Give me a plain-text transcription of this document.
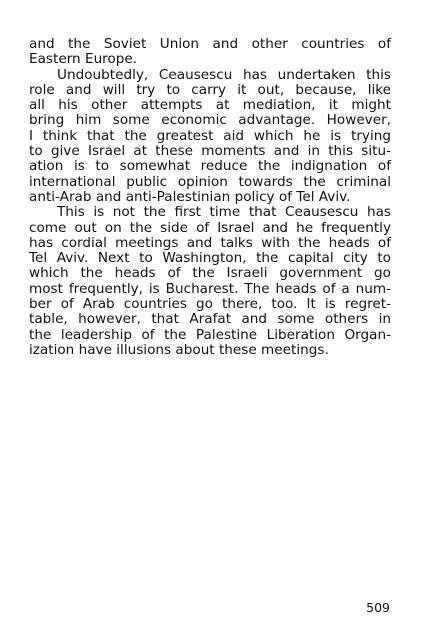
and the Soviet Union and other countries of
Eastern Europe.
Undoubtedly, Ceausescu has undertaken this
role and will try to carry it out, because, like
all his other attempts at mediation, it might
bring him some economic advantage. However,
I think that the greatest aid which he is trying
to give Israel at these moments and in this situ-
ation is to somewhat reduce the indignation of
international public opinion towards the criminal
anti-Arab and anti-Palestinian policy of Tel Aviv.
This is not the first time that Ceausescu has
come out on the side of Israel and he frequently
has cordial meetings and talks with the heads of
Tel Aviv. Next to Washington, the capital city to
which the heads of the Israeli government go
most frequently, is Bucharest. The heads of a num-
ber of Arab countries go there, too. It is regret-
table, however, that Arafat and some others in
the leadership of the Palestine Liberation Organ-
ization have illusions about these meetings.
509
